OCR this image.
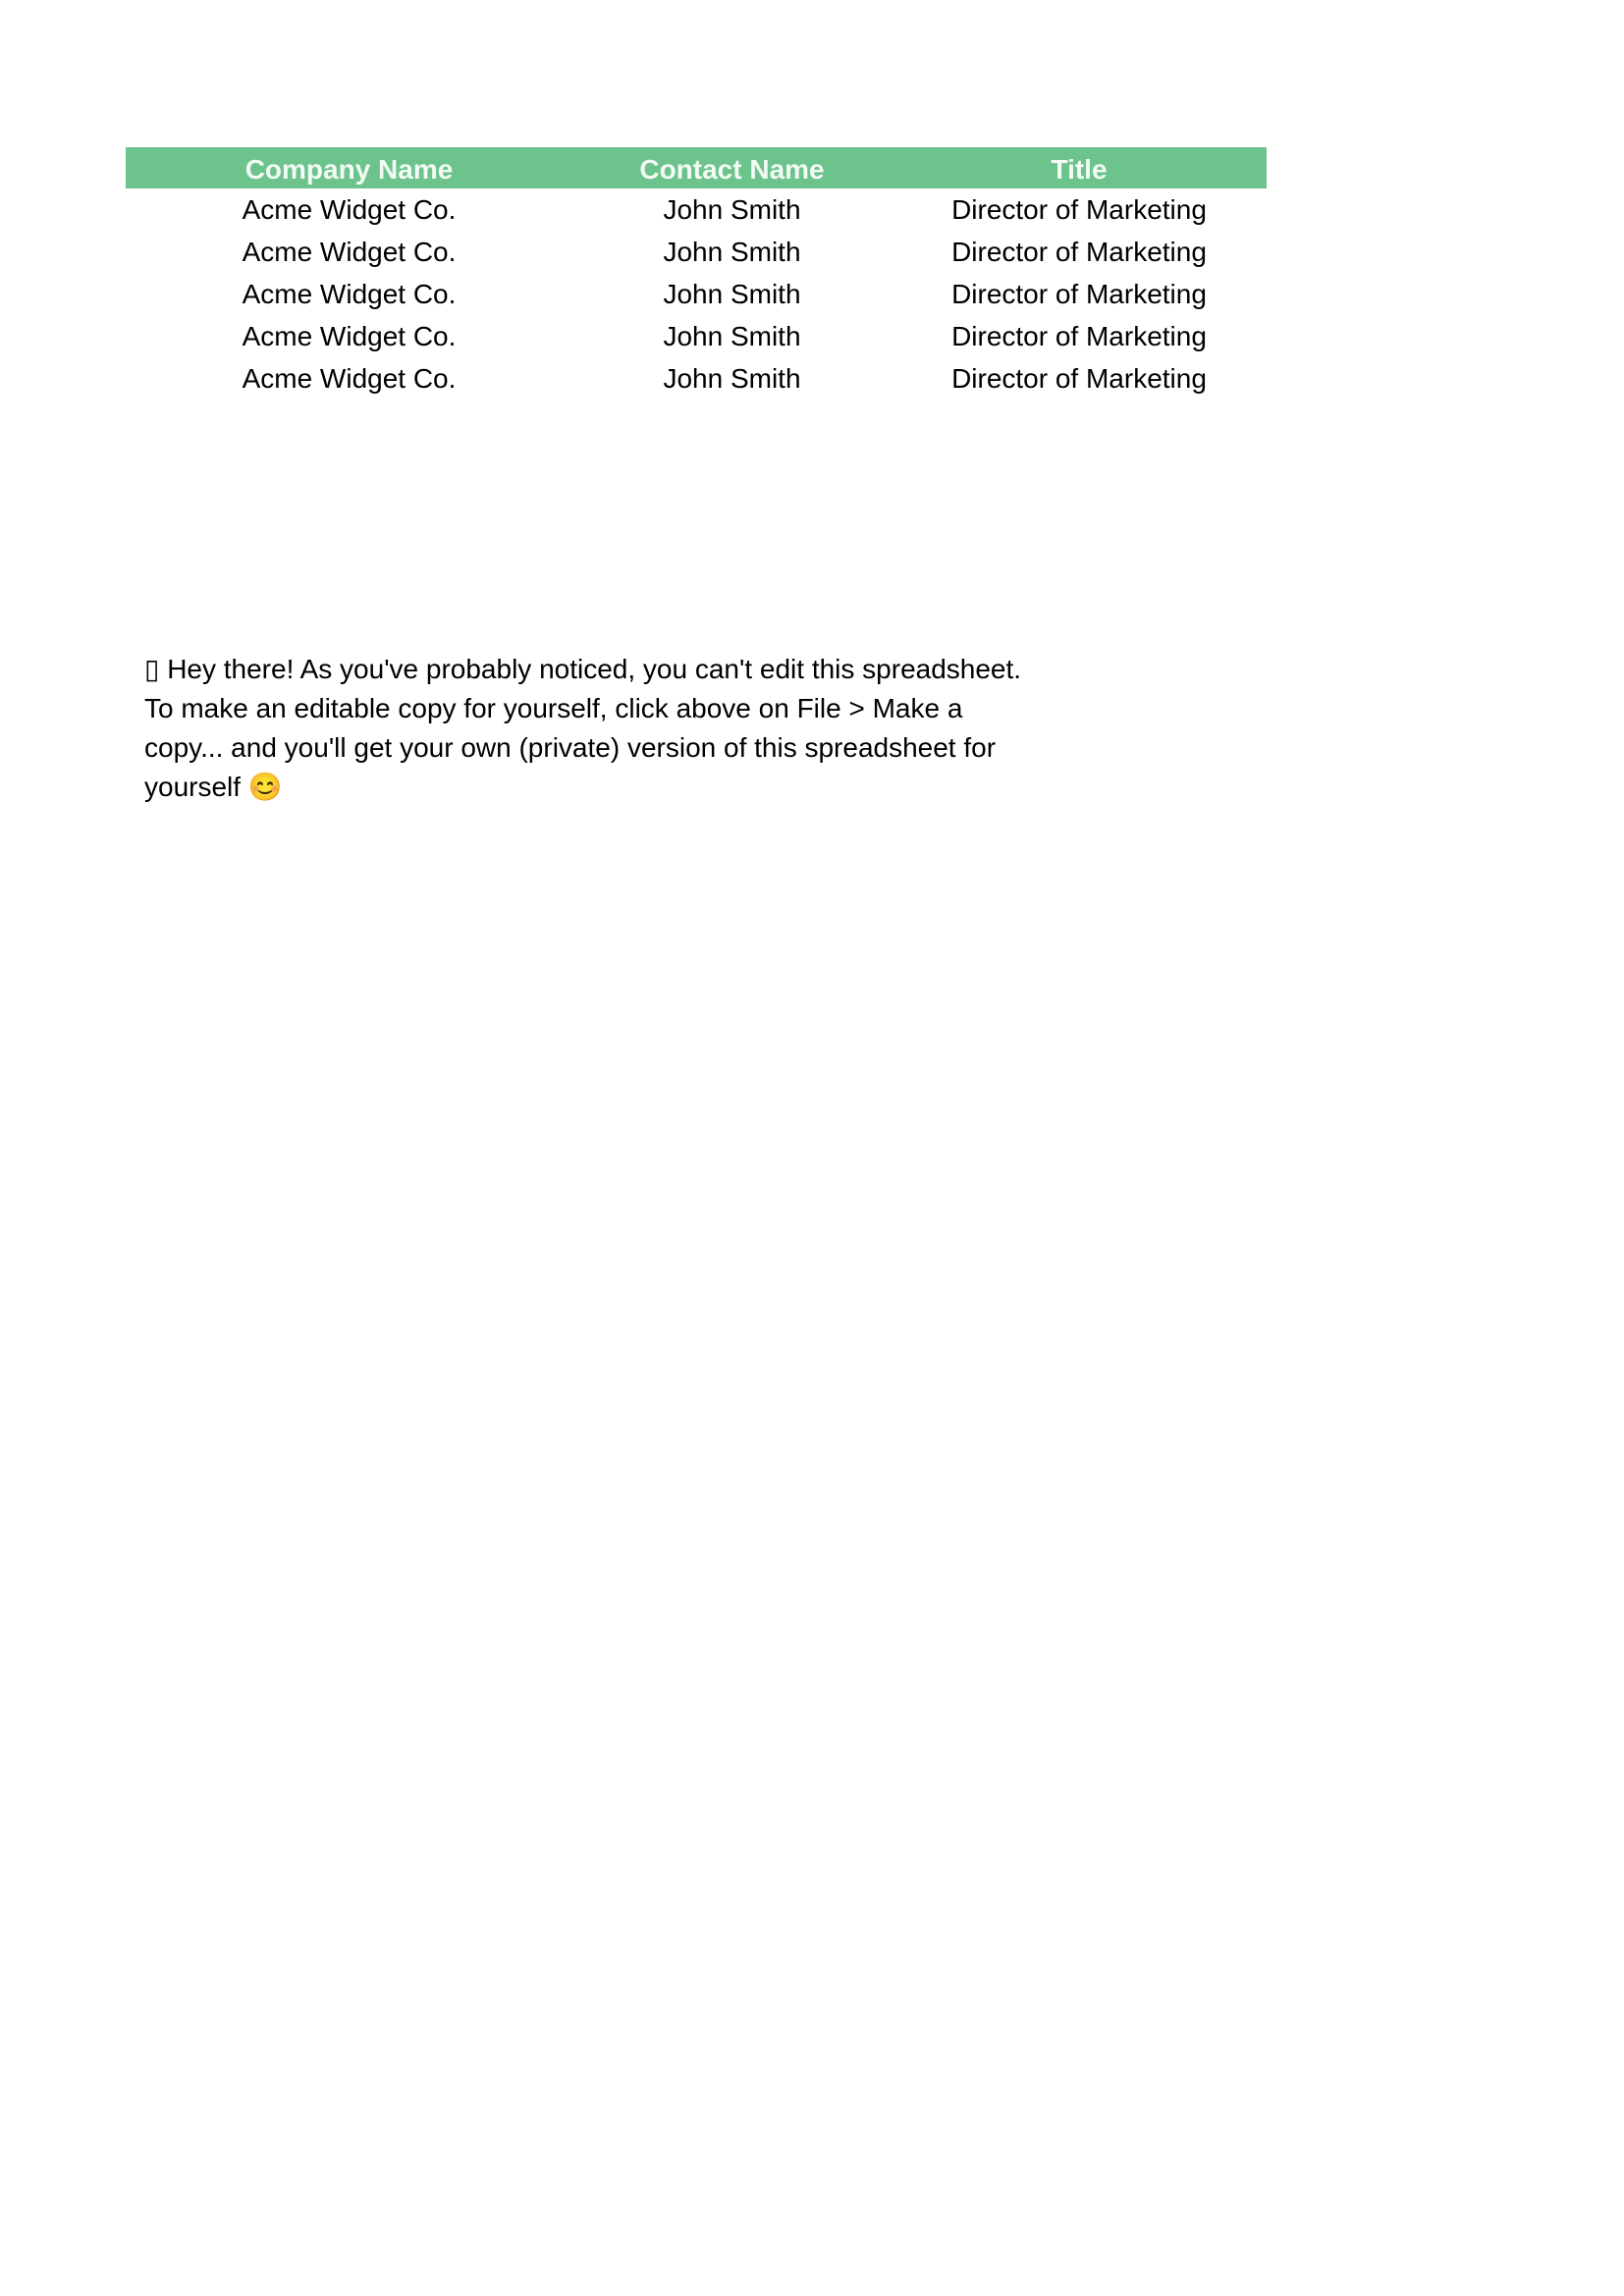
Company Name	Contact Name	Title
Acme Widget Co.	John Smith	Director of Marketing
Acme Widget Co.	John Smith	Director of Marketing
Acme Widget Co.	John Smith	Director of Marketing
Acme Widget Co.	John Smith	Director of Marketing
Acme Widget Co.	John Smith	Director of Marketing

▯ Hey there! As you've probably noticed, you can't edit this spreadsheet.

To make an editable copy for yourself, click above on File > Make a

copy... and you'll get your own (private) version of this spreadsheet for

yourself 😊
